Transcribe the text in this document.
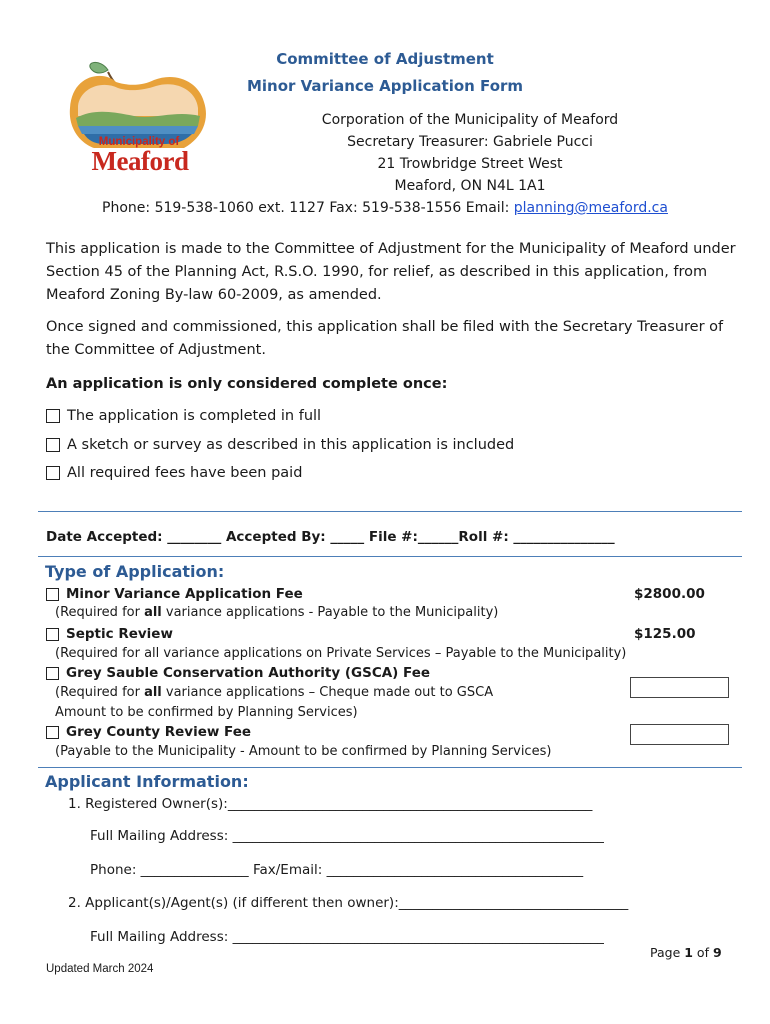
Municipality of
Meaford
Committee of Adjustment
Minor Variance Application Form
Corporation of the Municipality of Meaford
Secretary Treasurer: Gabriele Pucci
21 Trowbridge Street West
Meaford, ON N4L 1A1
Phone: 519-538-1060 ext. 1127 Fax: 519-538-1556 Email: planning@meaford.ca
This application is made to the Committee of Adjustment for the Municipality of Meaford under Section 45 of the Planning Act, R.S.O. 1990, for relief, as described in this application, from Meaford Zoning By-law 60-2009, as amended.
Once signed and commissioned, this application shall be filed with the Secretary Treasurer of the Committee of Adjustment.
An application is only considered complete once:
The application is completed in full
A sketch or survey as described in this application is included
All required fees have been paid
Date Accepted: ________ Accepted By: _____ File #:______Roll #: _______________
Type of Application:
Minor Variance Application Fee	$2800.00
(Required for all variance applications - Payable to the Municipality)
Septic Review	$125.00
(Required for all variance applications on Private Services – Payable to the Municipality)
Grey Sauble Conservation Authority (GSCA) Fee
(Required for all variance applications – Cheque made out to GSCA
Amount to be confirmed by Planning Services)
Grey County Review Fee
(Payable to the Municipality - Amount to be confirmed by Planning Services)
Applicant Information:
1. Registered Owner(s):______________________________________________________
Full Mailing Address: _______________________________________________________
Phone: ________________ Fax/Email: ______________________________________
2. Applicant(s)/Agent(s) (if different then owner):__________________________________
Full Mailing Address: _______________________________________________________
Page 1 of 9
Updated March 2024
